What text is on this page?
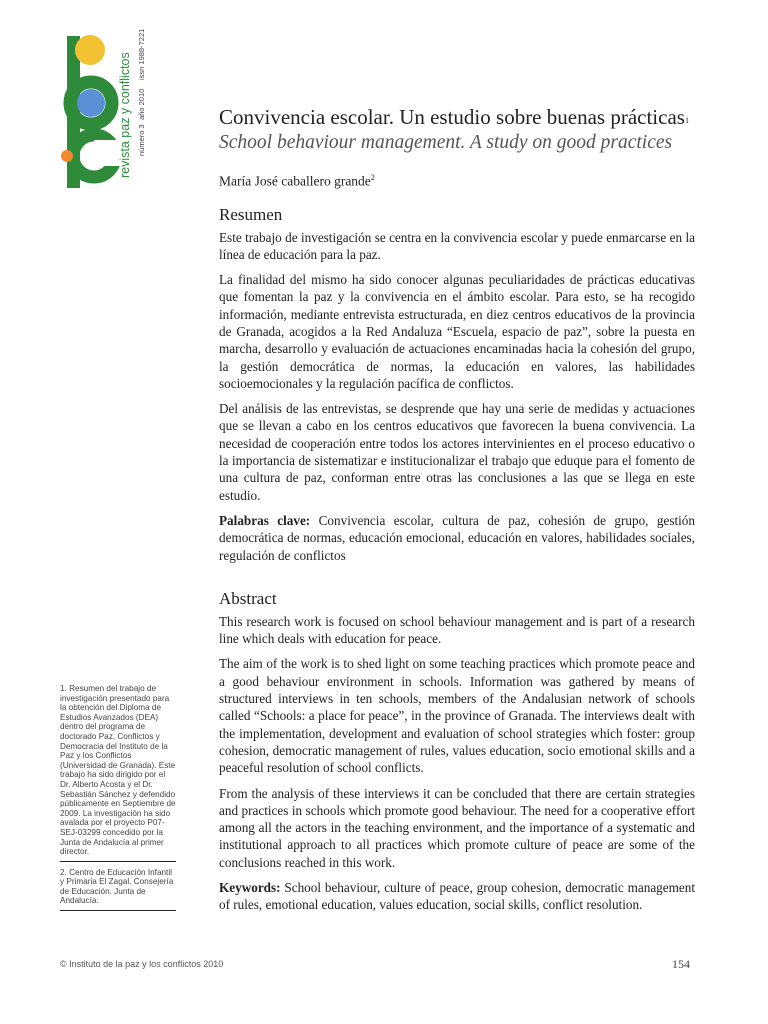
revista paz y conflictos número 3
año 2010
issn 1988-7221
Convivencia escolar. Un estudio sobre buenas prácticas$^1$
School behaviour management. A study on good practices
María José caballero grande$^2$
Resumen

Este trabajo de investigación se centra en la convivencia escolar y puede enmarcarse en la línea de educación para la paz.

La finalidad del mismo ha sido conocer algunas peculiaridades de prácticas educativas que fomentan la paz y la convivencia en el ámbito escolar. Para esto, se ha recogido información, mediante entrevista estructurada, en diez centros educativos de la provincia de Granada, acogidos a la Red Andaluza “Escuela, espacio de paz”, sobre la puesta en marcha, desarrollo y evaluación de actuaciones encaminadas hacia la cohesión del grupo, la gestión democrática de normas, la educación en valores, las habilidades socioemocionales y la regulación pacífica de conflictos.

Del análisis de las entrevistas, se desprende que hay una serie de medidas y actuaciones que se llevan a cabo en los centros educativos que favorecen la buena convivencia. La necesidad de cooperación entre todos los actores intervinientes en el proceso educativo o la importancia de sistematizar e institucionalizar el trabajo que eduque para el fomento de una cultura de paz, conforman entre otras las conclusiones a las que se llega en este estudio.

Palabras clave: Convivencia escolar, cultura de paz, cohesión de grupo, gestión democrática de normas, educación emocional, educación en valores, habilidades sociales, regulación de conflictos

Abstract

This research work is focused on school behaviour management and is part of a research line which deals with education for peace.

The aim of the work is to shed light on some teaching practices which promote peace and a good behaviour environment in schools. Information was gathered by means of structured interviews in ten schools, members of the Andalusian network of schools called “Schools: a place for peace”, in the province of Granada. The interviews dealt with the implementation, development and evaluation of school strategies which foster: group cohesion, democratic management of rules, values education, socio emotional skills and a peaceful resolution of school conflicts.

From the analysis of these interviews it can be concluded that there are certain strategies and practices in schools which promote good behaviour. The need for a cooperative effort among all the actors in the teaching environment, and the importance of a systematic and institutional approach to all practices which promote culture of peace are some of the conclusions reached in this work.

Keywords: School behaviour, culture of peace, group cohesion, democratic management of rules, emotional education, values education, social skills, conflict resolution.

1. Resumen del trabajo de investigación presentado para la obtención del Diploma de Estudios Avanzados (DEA) dentro del programa de doctorado Paz, Conflictos y Democracia del Instituto de la Paz y los Conflictos (Universidad de Granada). Este trabajo ha sido dirigido por el Dr. Alberto Acosta y el Dr. Sebastián Sánchez y defendido públicamente en Septiembre de 2009. La investigación ha sido avalada por el proyecto P07-SEJ-03299 concedido por la Junta de Andalucía al primer director.
2. Centro de Educación Infantil y Primaria El Zagal. Consejería de Educación. Junta de Andalucía.
© Instituto de la paz y los conflictos 2010	154
